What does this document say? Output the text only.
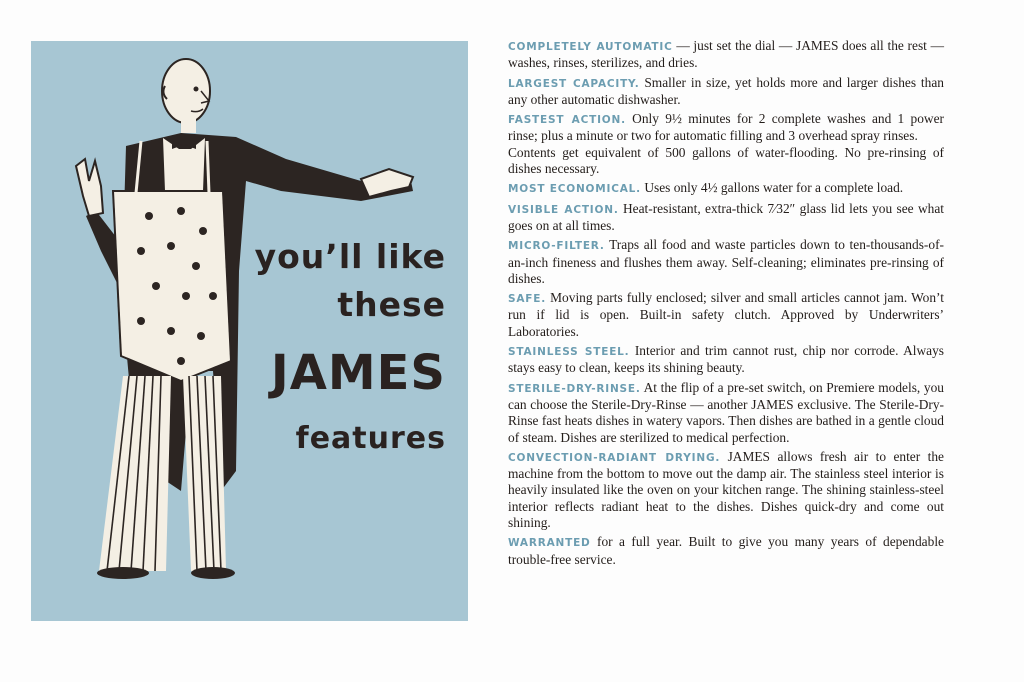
you’ll like
these
JAMES
features

COMPLETELY AUTOMATIC — just set the dial — JAMES does all the rest — washes, rinses, sterilizes, and dries.

LARGEST CAPACITY. Smaller in size, yet holds more and larger dishes than any other automatic dishwasher.

FASTEST ACTION. Only 9½ minutes for 2 complete washes and 1 power rinse; plus a minute or two for automatic filling and 3 overhead spray rinses.

Contents get equivalent of 500 gallons of water-flooding. No pre-rinsing of dishes necessary.

MOST ECONOMICAL. Uses only 4½ gallons water for a complete load.

VISIBLE ACTION. Heat-resistant, extra-thick 7⁄32″ glass lid lets you see what goes on at all times.

MICRO-FILTER. Traps all food and waste particles down to ten-thousands-of-an-inch fineness and flushes them away. Self-cleaning; eliminates pre-rinsing of dishes.

SAFE. Moving parts fully enclosed; silver and small articles cannot jam. Won’t run if lid is open. Built-in safety clutch. Approved by Underwriters’ Laboratories.

STAINLESS STEEL. Interior and trim cannot rust, chip nor corrode. Always stays easy to clean, keeps its shining beauty.

STERILE-DRY-RINSE. At the flip of a pre-set switch, on Premiere models, you can choose the Sterile-Dry-Rinse — another JAMES exclusive. The Sterile-Dry-Rinse fast heats dishes in watery vapors. Then dishes are bathed in a gentle cloud of steam. Dishes are sterilized to medical perfection.

CONVECTION-RADIANT DRYING. JAMES allows fresh air to enter the machine from the bottom to move out the damp air. The stainless steel interior is heavily insulated like the oven on your kitchen range. The shining stainless-steel interior reflects radiant heat to the dishes. Dishes quick-dry and come out shining.

WARRANTED for a full year. Built to give you many years of dependable trouble-free service.
